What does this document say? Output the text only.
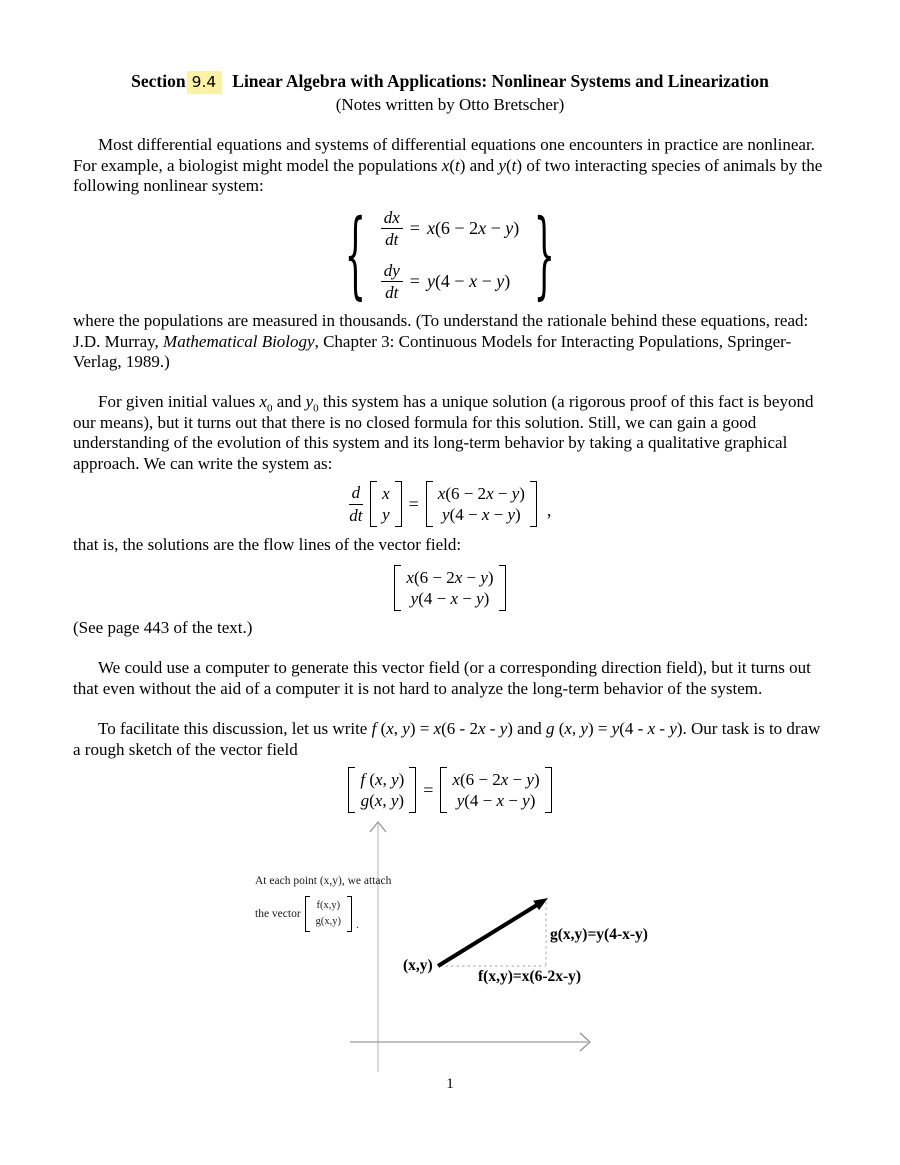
Section 9.4 Linear Algebra with Applications: Nonlinear Systems and Linearization
(Notes written by Otto Bretscher)

Most differential equations and systems of differential equations one encounters in practice are nonlinear. For example, a biologist might model the populations x(t) and y(t) of two interacting species of animals by the following nonlinear system:

{ $\frac{dx}{dt} = x(6 - 2x - y)$
$\frac{dy}{dt} = y(4 - x - y)$ }

where the populations are measured in thousands. (To understand the rationale behind these equations, read: J.D. Murray, Mathematical Biology, Chapter 3: Continuous Models for Interacting Populations, Springer-Verlag, 1989.)

For given initial values $x_0$ and $y_0$ this system has a unique solution (a rigorous proof of this fact is beyond our means), but it turns out that there is no closed formula for this solution. Still, we can gain a good understanding of the evolution of this system and its long-term behavior by taking a qualitative graphical approach. We can write the system as:

$\frac{d}{dt}$ x
y
=
x(6 − 2x − y)
y(4 − x − y) ,

that is, the solutions are the flow lines of the vector field:

x(6 − 2x − y)
y(4 − x − y)

(See page 443 of the text.)

We could use a computer to generate this vector field (or a corresponding direction field), but it turns out that even without the aid of a computer it is not hard to analyze the long-term behavior of the system.

To facilitate this discussion, let us write f (x, y) = x(6 - 2x - y) and g (x, y) = y(4 - x - y). Our task is to draw a rough sketch of the vector field

f (x, y)
g(x, y)
=
x(6 − 2x − y)
y(4 − x − y)
At each point (x,y), we attach
the vector
f(x,y)
g(x,y) .
(x,y)
f(x,y)=x(6-2x-y)
g(x,y)=y(4-x-y)
1
